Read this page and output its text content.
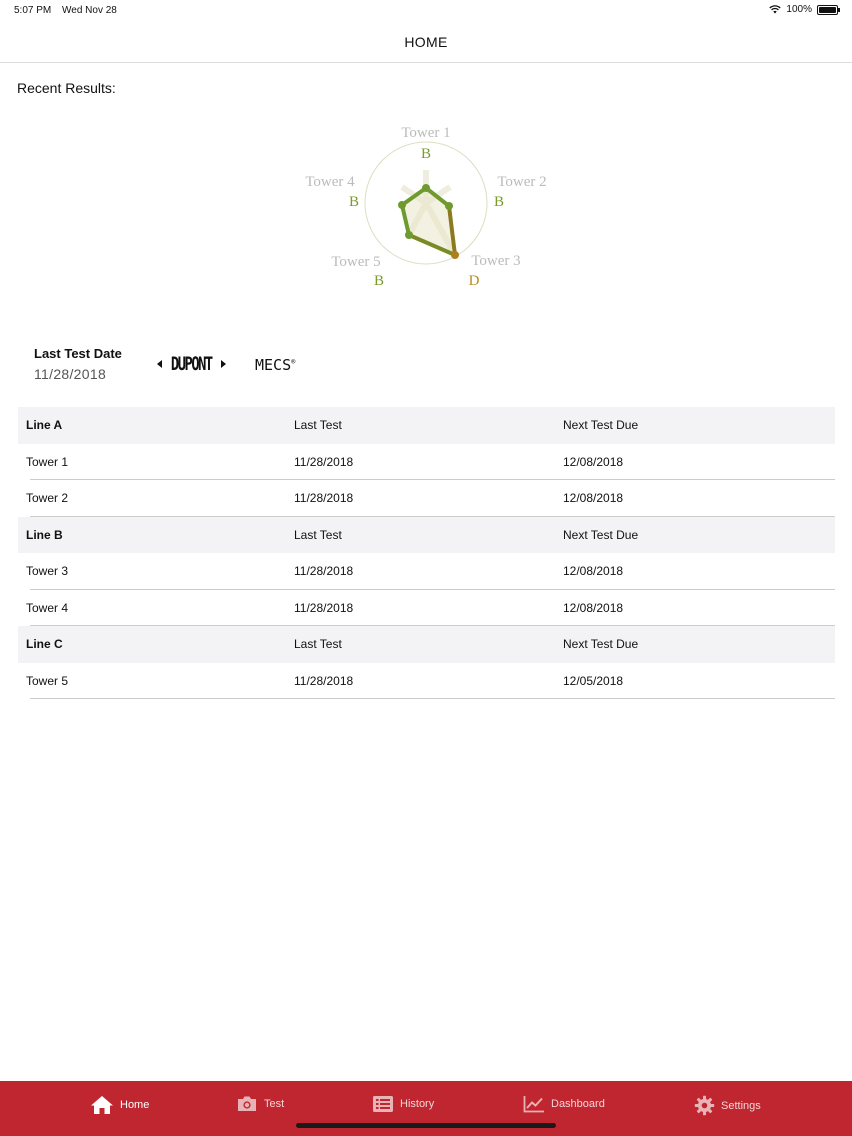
5:07 PM Wed Nov 28	100%
HOME
Recent Results:
Tower 1
B
Tower 2
B
Tower 3
D
Tower 5
B
Tower 4
B
Last Test Date
11/28/2018	DUPONT	MECS®
Line A	Last Test	Next Test Due
Tower 1	11/28/2018	12/08/2018
Tower 2	11/28/2018	12/08/2018
Line B	Last Test	Next Test Due
Tower 3	11/28/2018	12/08/2018
Tower 4	11/28/2018	12/08/2018
Line C	Last Test	Next Test Due
Tower 5	11/28/2018	12/05/2018
Home	Test	History	Dashboard	Settings
